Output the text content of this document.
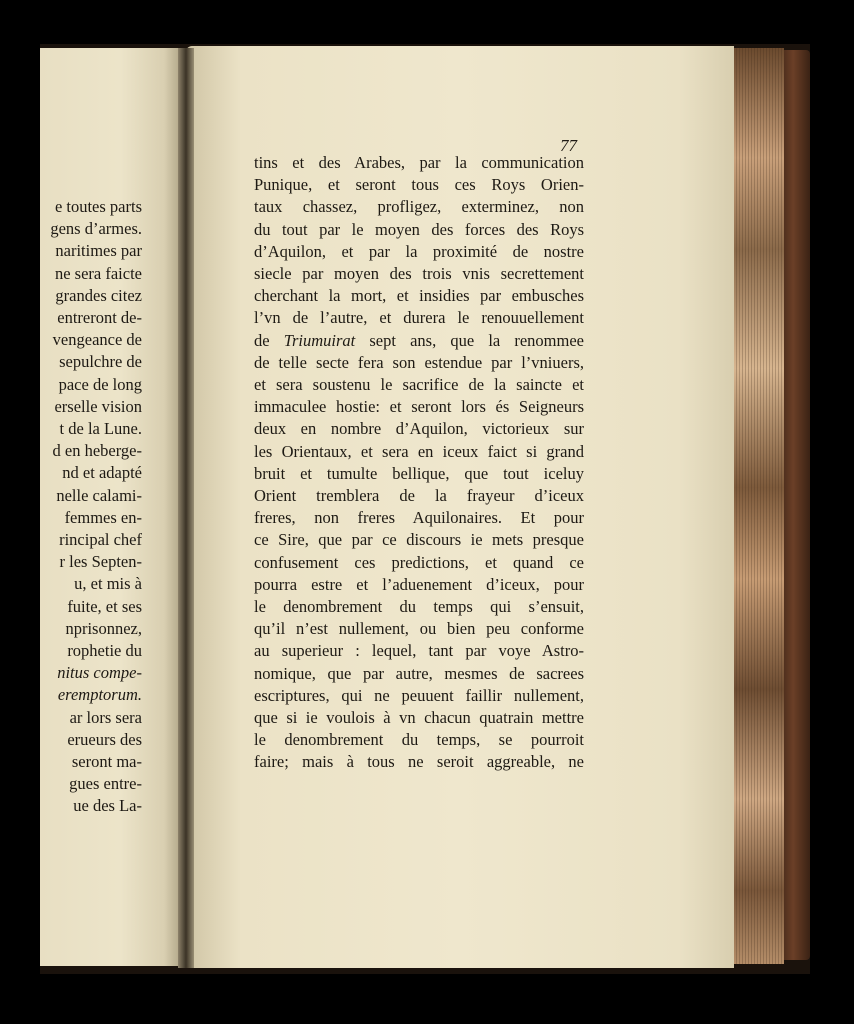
e toutes parts
gens d’armes.
naritimes par
ne sera faicte
grandes citez
entreront de-
vengeance de
sepulchre de
pace de long
erselle vision
t de la Lune.
d en heberge-
nd et adapté
nelle calami-
femmes en-
rincipal chef
r les Septen-
u, et mis à
fuite, et ses
nprisonnez,
rophetie du
nitus compe-
eremptorum.
ar lors sera
erueurs des
seront ma-
gues entre-
ue des La-
77
tins et des Arabes, par la communication
Punique, et seront tous ces Roys Orien-
taux chassez, profligez, exterminez, non
du tout par le moyen des forces des Roys
d’Aquilon, et par la proximité de nostre
siecle par moyen des trois vnis secrettement
cherchant la mort, et insidies par embusches
l’vn de l’autre, et durera le renouuellement
de Triumuirat sept ans, que la renommee
de telle secte fera son estendue par l’vniuers,
et sera soustenu le sacrifice de la saincte et
immaculee hostie: et seront lors és Seigneurs
deux en nombre d’Aquilon, victorieux sur
les Orientaux, et sera en iceux faict si grand
bruit et tumulte bellique, que tout iceluy
Orient tremblera de la frayeur d’iceux
freres, non freres Aquilonaires. Et pour
ce Sire, que par ce discours ie mets presque
confusement ces predictions, et quand ce
pourra estre et l’aduenement d’iceux, pour
le denombrement du temps qui s’ensuit,
qu’il n’est nullement, ou bien peu conforme
au superieur : lequel, tant par voye Astro-
nomique, que par autre, mesmes de sacrees
escriptures, qui ne peuuent faillir nullement,
que si ie voulois à vn chacun quatrain mettre
le denombrement du temps, se pourroit
faire; mais à tous ne seroit aggreable, ne
